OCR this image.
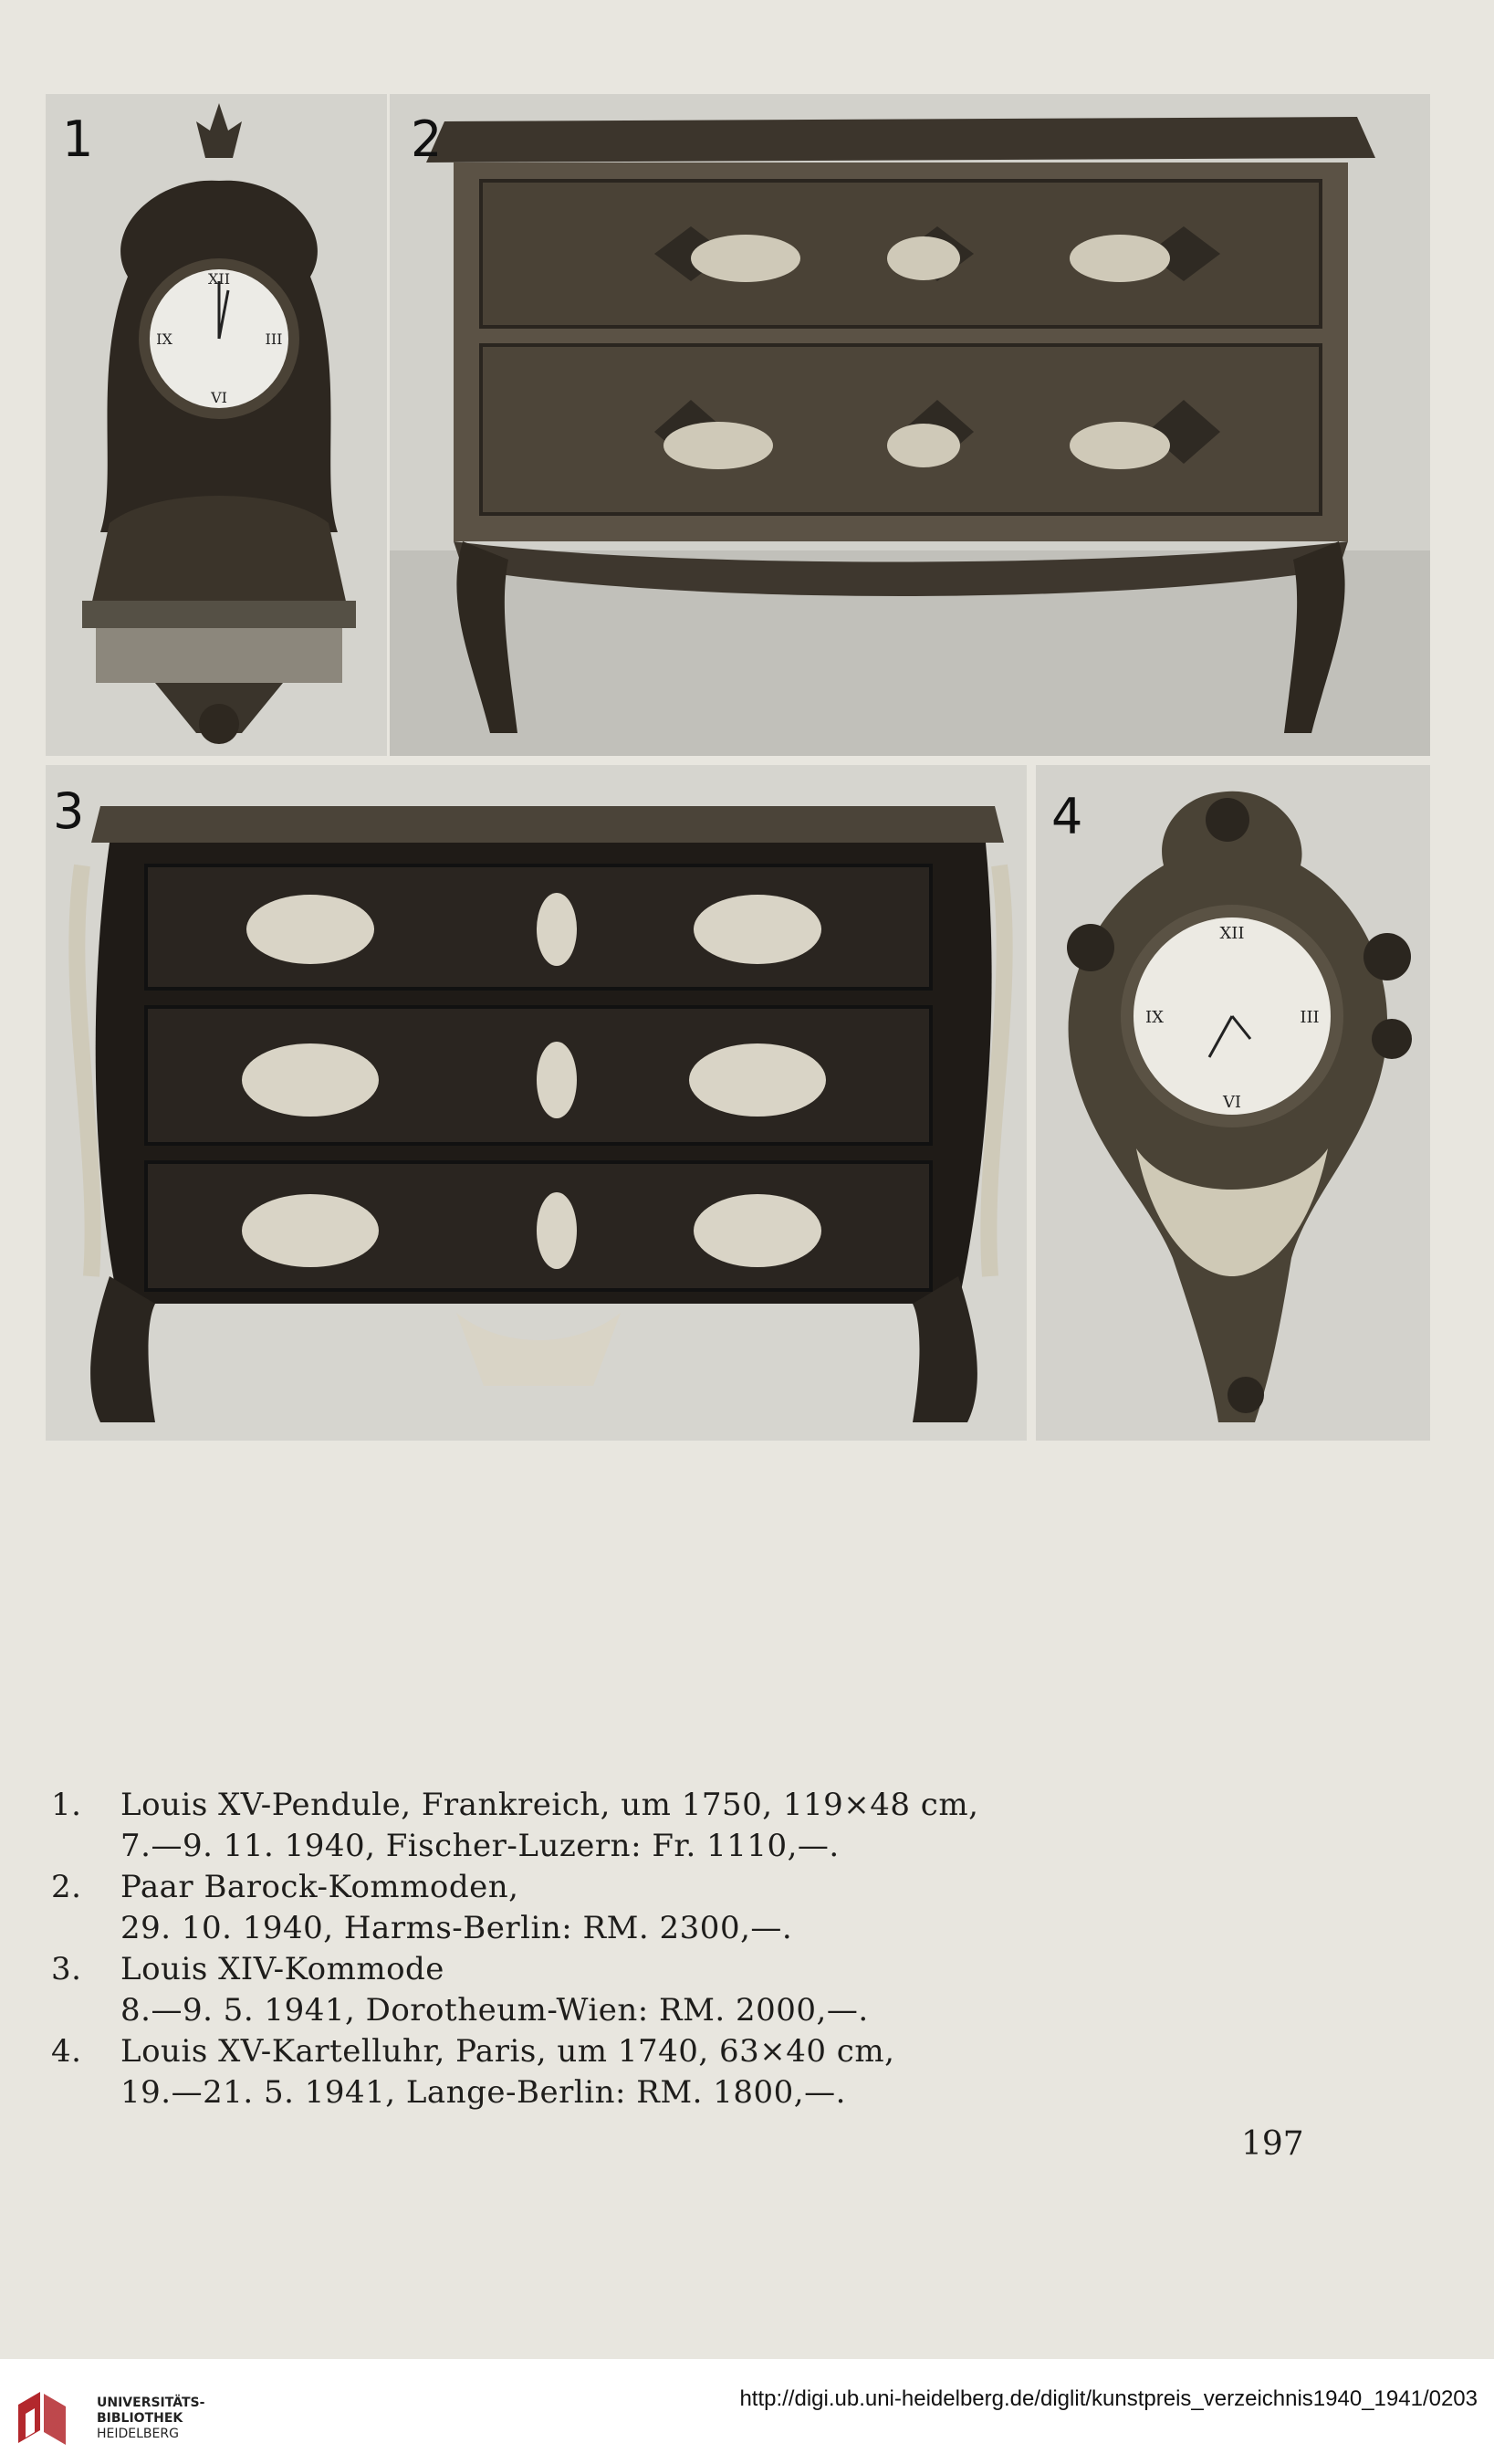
XII
III
VI
IX
XII
III
VI
IX
1	2
3	4
1. Louis XV-Pendule, Frankreich, um 1750, 119×48 cm,
7.—9. 11. 1940, Fischer-Luzern: Fr. 1110,—.
2. Paar Barock-Kommoden,
29. 10. 1940, Harms-Berlin: RM. 2300,—.
3. Louis XIV-Kommode
8.—9. 5. 1941, Dorotheum-Wien: RM. 2000,—.
4. Louis XV-Kartelluhr, Paris, um 1740, 63×40 cm,
19.—21. 5. 1941, Lange-Berlin: RM. 1800,—.
197
UNIVERSITÄTS-
BIBLIOTHEK
HEIDELBERG
http://digi.ub.uni-heidelberg.de/diglit/kunstpreis_verzeichnis1940_1941/0203
